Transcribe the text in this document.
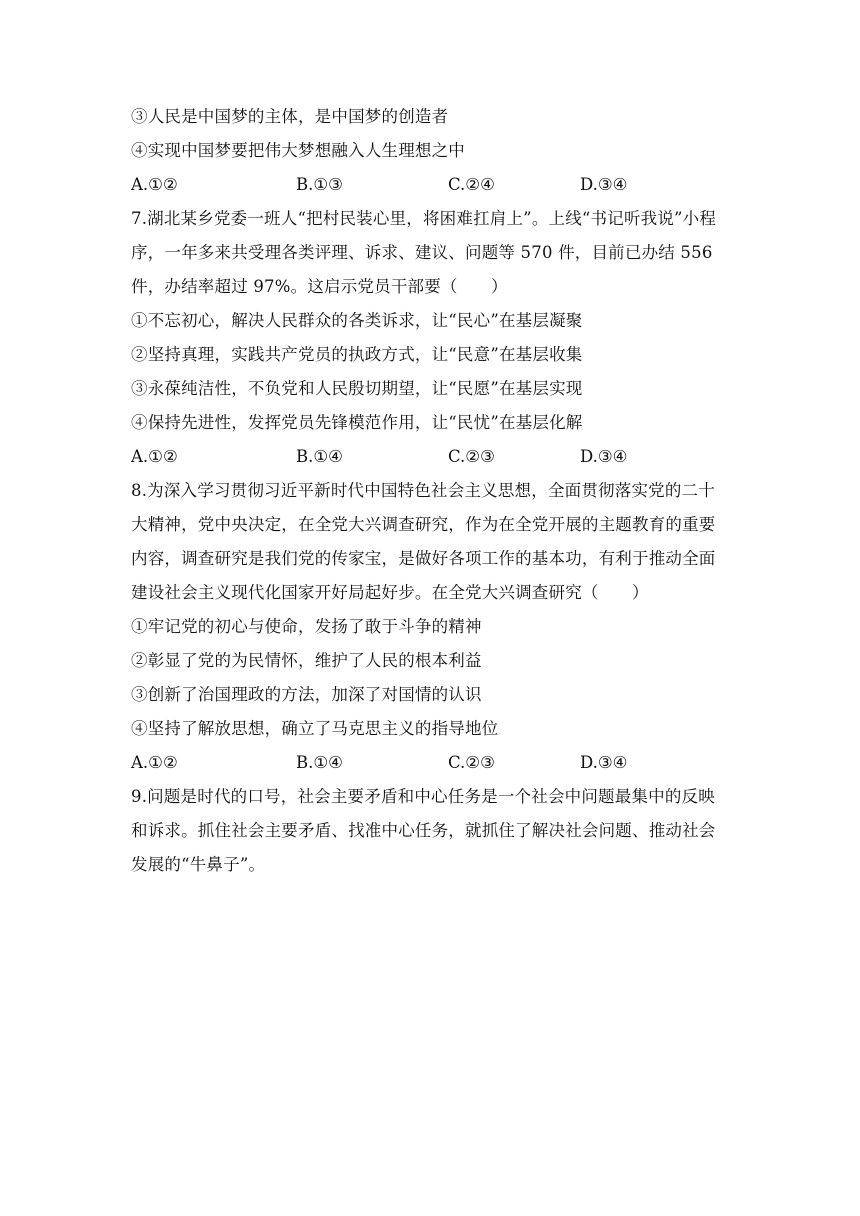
③人民是中国梦的主体，是中国梦的创造者
④实现中国梦要把伟大梦想融入人生理想之中
A.①②	B.①③	C.②④	D.③④
7.湖北某乡党委一班人“把村民装心里，将困难扛肩上”。上线“书记听我说”小程
序，一年多来共受理各类评理、诉求、建议、问题等 570 件，目前已办结 556
件，办结率超过 97%。这启示党员干部要（　　）
①不忘初心，解决人民群众的各类诉求，让“民心”在基层凝聚
②坚持真理，实践共产党员的执政方式，让“民意”在基层收集
③永葆纯洁性，不负党和人民殷切期望，让“民愿”在基层实现
④保持先进性，发挥党员先锋模范作用，让“民忧”在基层化解
A.①②	B.①④	C.②③	D.③④
8.为深入学习贯彻习近平新时代中国特色社会主义思想，全面贯彻落实党的二十
大精神，党中央决定，在全党大兴调查研究，作为在全党开展的主题教育的重要
内容，调查研究是我们党的传家宝，是做好各项工作的基本功，有利于推动全面
建设社会主义现代化国家开好局起好步。在全党大兴调查研究（　　）
①牢记党的初心与使命，发扬了敢于斗争的精神
②彰显了党的为民情怀，维护了人民的根本利益
③创新了治国理政的方法，加深了对国情的认识
④坚持了解放思想，确立了马克思主义的指导地位
A.①②	B.①④	C.②③	D.③④
9.问题是时代的口号，社会主要矛盾和中心任务是一个社会中问题最集中的反映
和诉求。抓住社会主要矛盾、找准中心任务，就抓住了解决社会问题、推动社会
发展的“牛鼻子”。
